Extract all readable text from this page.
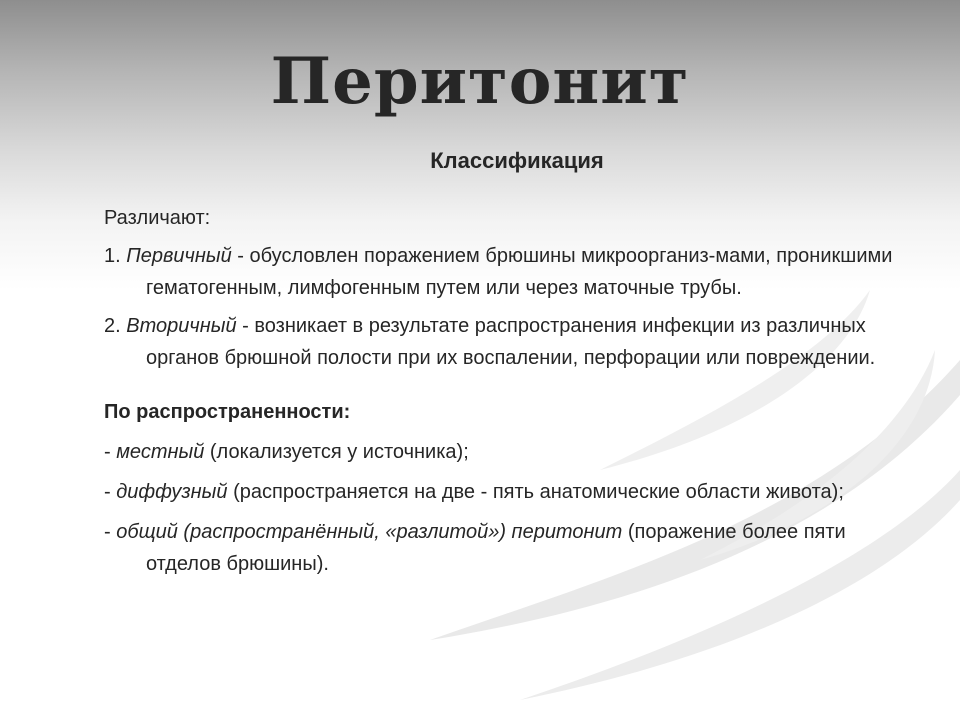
Перитонит
Классификация

Различают:

1. Первичный - обусловлен поражением брюшины микроорганиз-мами, проникшими гематогенным, лимфогенным путем или через маточные трубы.

2. Вторичный - возникает в результате распространения инфекции из различных органов брюшной полости при их воспалении, перфорации или повреждении.

По распространенности:

- местный (локализуется у источника);

- диффузный (распространяется на две - пять анатомические области живота);

- общий (распространённый, «разлитой») перитонит (поражение более пяти отделов брюшины).
